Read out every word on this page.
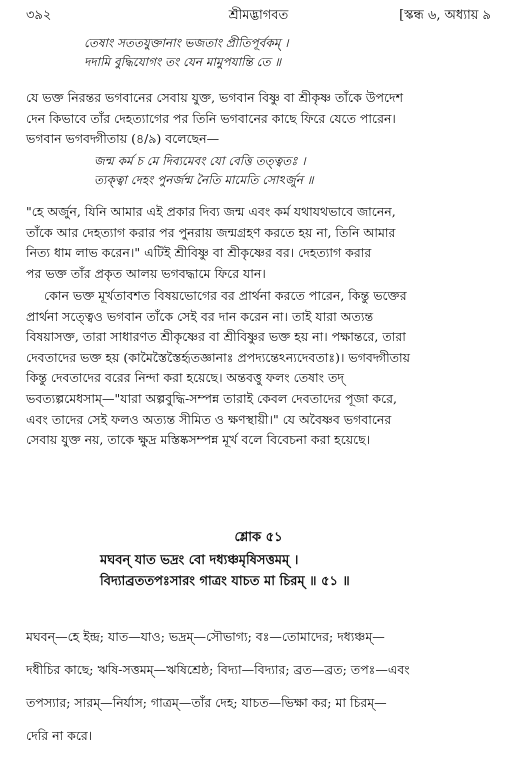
৩৯২	শ্রীমদ্ভাগবত	[স্কন্ধ ৬, অধ্যায় ৯
তেষাং সততযুক্তানাং ভজতাং প্রীতিপূর্বকম্ ।
দদামি বুদ্ধিযোগং তং যেন মামুপযান্তি তে ॥

যে ভক্ত নিরন্তর ভগবানের সেবায় যুক্ত, ভগবান বিষ্ণু বা শ্রীকৃষ্ণ তাঁকে উপদেশ

দেন কিভাবে তাঁর দেহত্যাগের পর তিনি ভগবানের কাছে ফিরে যেতে পারেন।

ভগবান ভগবদ্গীতায় (৪/৯) বলেছেন—

জন্ম কর্ম চ মে দিব্যমেবং যো বেত্তি তত্ত্বতঃ ।
ত্যক্ত্বা দেহং পুনর্জন্ম নৈতি মামেতি সোঽর্জুন ॥

"হে অর্জুন, যিনি আমার এই প্রকার দিব্য জন্ম এবং কর্ম যথাযথভাবে জানেন,

তাঁকে আর দেহত্যাগ করার পর পুনরায় জন্মগ্রহণ করতে হয় না, তিনি আমার

নিত্য ধাম লাভ করেন।" এটিই শ্রীবিষ্ণু বা শ্রীকৃষ্ণের বর। দেহত্যাগ করার

পর ভক্ত তাঁর প্রকৃত আলয় ভগবদ্ধামে ফিরে যান।

কোন ভক্ত মূর্খতাবশত বিষয়ভোগের বর প্রার্থনা করতে পারেন, কিন্তু ভক্তের

প্রার্থনা সত্ত্বেও ভগবান তাঁকে সেই বর দান করেন না। তাই যারা অত্যন্ত

বিষয়াসক্ত, তারা সাধারণত শ্রীকৃষ্ণের বা শ্রীবিষ্ণুর ভক্ত হয় না। পক্ষান্তরে, তারা

দেবতাদের ভক্ত হয় (কামৈস্তৈস্তৈর্হৃতজ্ঞানাঃ প্রপদ্যন্তেঽন্যদেবতাঃ)। ভগবদ্গীতায়

কিন্তু দেবতাদের বরের নিন্দা করা হয়েছে। অন্তবত্তু ফলং তেষাং তদ্

ভবত্যল্পমেধসাম্—"যারা অল্পবুদ্ধি-সম্পন্ন তারাই কেবল দেবতাদের পূজা করে,

এবং তাদের সেই ফলও অত্যন্ত সীমিত ও ক্ষণস্থায়ী।" যে অবৈষ্ণব ভগবানের

সেবায় যুক্ত নয়, তাকে ক্ষুদ্র মস্তিষ্কসম্পন্ন মূর্খ বলে বিবেচনা করা হয়েছে।

শ্লোক ৫১
মঘবন্ যাত ভদ্রং বো দধ্যঞ্চমৃষিসত্তমম্ ।
বিদ্যাব্রততপঃসারং গাত্রং যাচত মা চিরম্ ॥ ৫১ ॥

মঘবন্—হে ইন্দ্র; যাত—যাও; ভদ্রম্—সৌভাগ্য; বঃ—তোমাদের; দধ্যঞ্চম্—

দধীচির কাছে; ঋষি-সত্তমম্—ঋষিশ্রেষ্ঠ; বিদ্যা—বিদ্যার; ব্রত—ব্রত; তপঃ—এবং

তপস্যার; সারম্—নির্যাস; গাত্রম্—তাঁর দেহ; যাচত—ভিক্ষা কর; মা চিরম্—

দেরি না করে।
